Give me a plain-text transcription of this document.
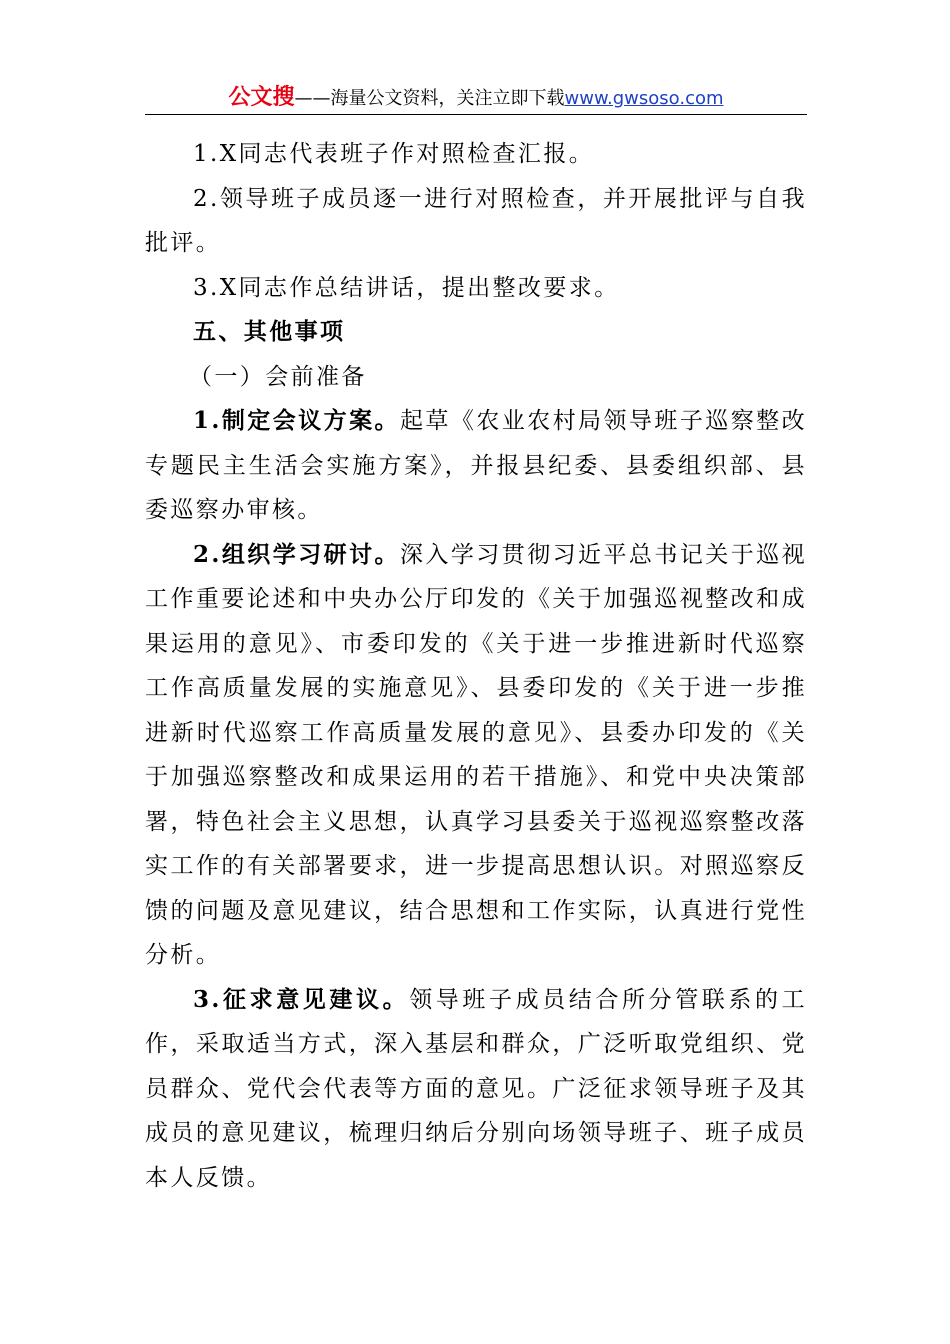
公文搜——海量公文资料，关注立即下载www.gwsoso.com

1.X同志代表班子作对照检查汇报。

2.领导班子成员逐一进行对照检查，并开展批评与自我批评。

3.X同志作总结讲话，提出整改要求。

五、其他事项

（一）会前准备

1.制定会议方案。起草《农业农村局领导班子巡察整改专题民主生活会实施方案》，并报县纪委、县委组织部、县委巡察办审核。

2.组织学习研讨。深入学习贯彻习近平总书记关于巡视工作重要论述和中央办公厅印发的《关于加强巡视整改和成果运用的意见》、市委印发的《关于进一步推进新时代巡察工作高质量发展的实施意见》、县委印发的《关于进一步推进新时代巡察工作高质量发展的意见》、县委办印发的《关于加强巡察整改和成果运用的若干措施》、和党中央决策部署，特色社会主义思想，认真学习县委关于巡视巡察整改落实工作的有关部署要求，进一步提高思想认识。对照巡察反馈的问题及意见建议，结合思想和工作实际，认真进行党性分析。

3.征求意见建议。领导班子成员结合所分管联系的工作，采取适当方式，深入基层和群众，广泛听取党组织、党员群众、党代会代表等方面的意见。广泛征求领导班子及其成员的意见建议，梳理归纳后分别向场领导班子、班子成员本人反馈。
